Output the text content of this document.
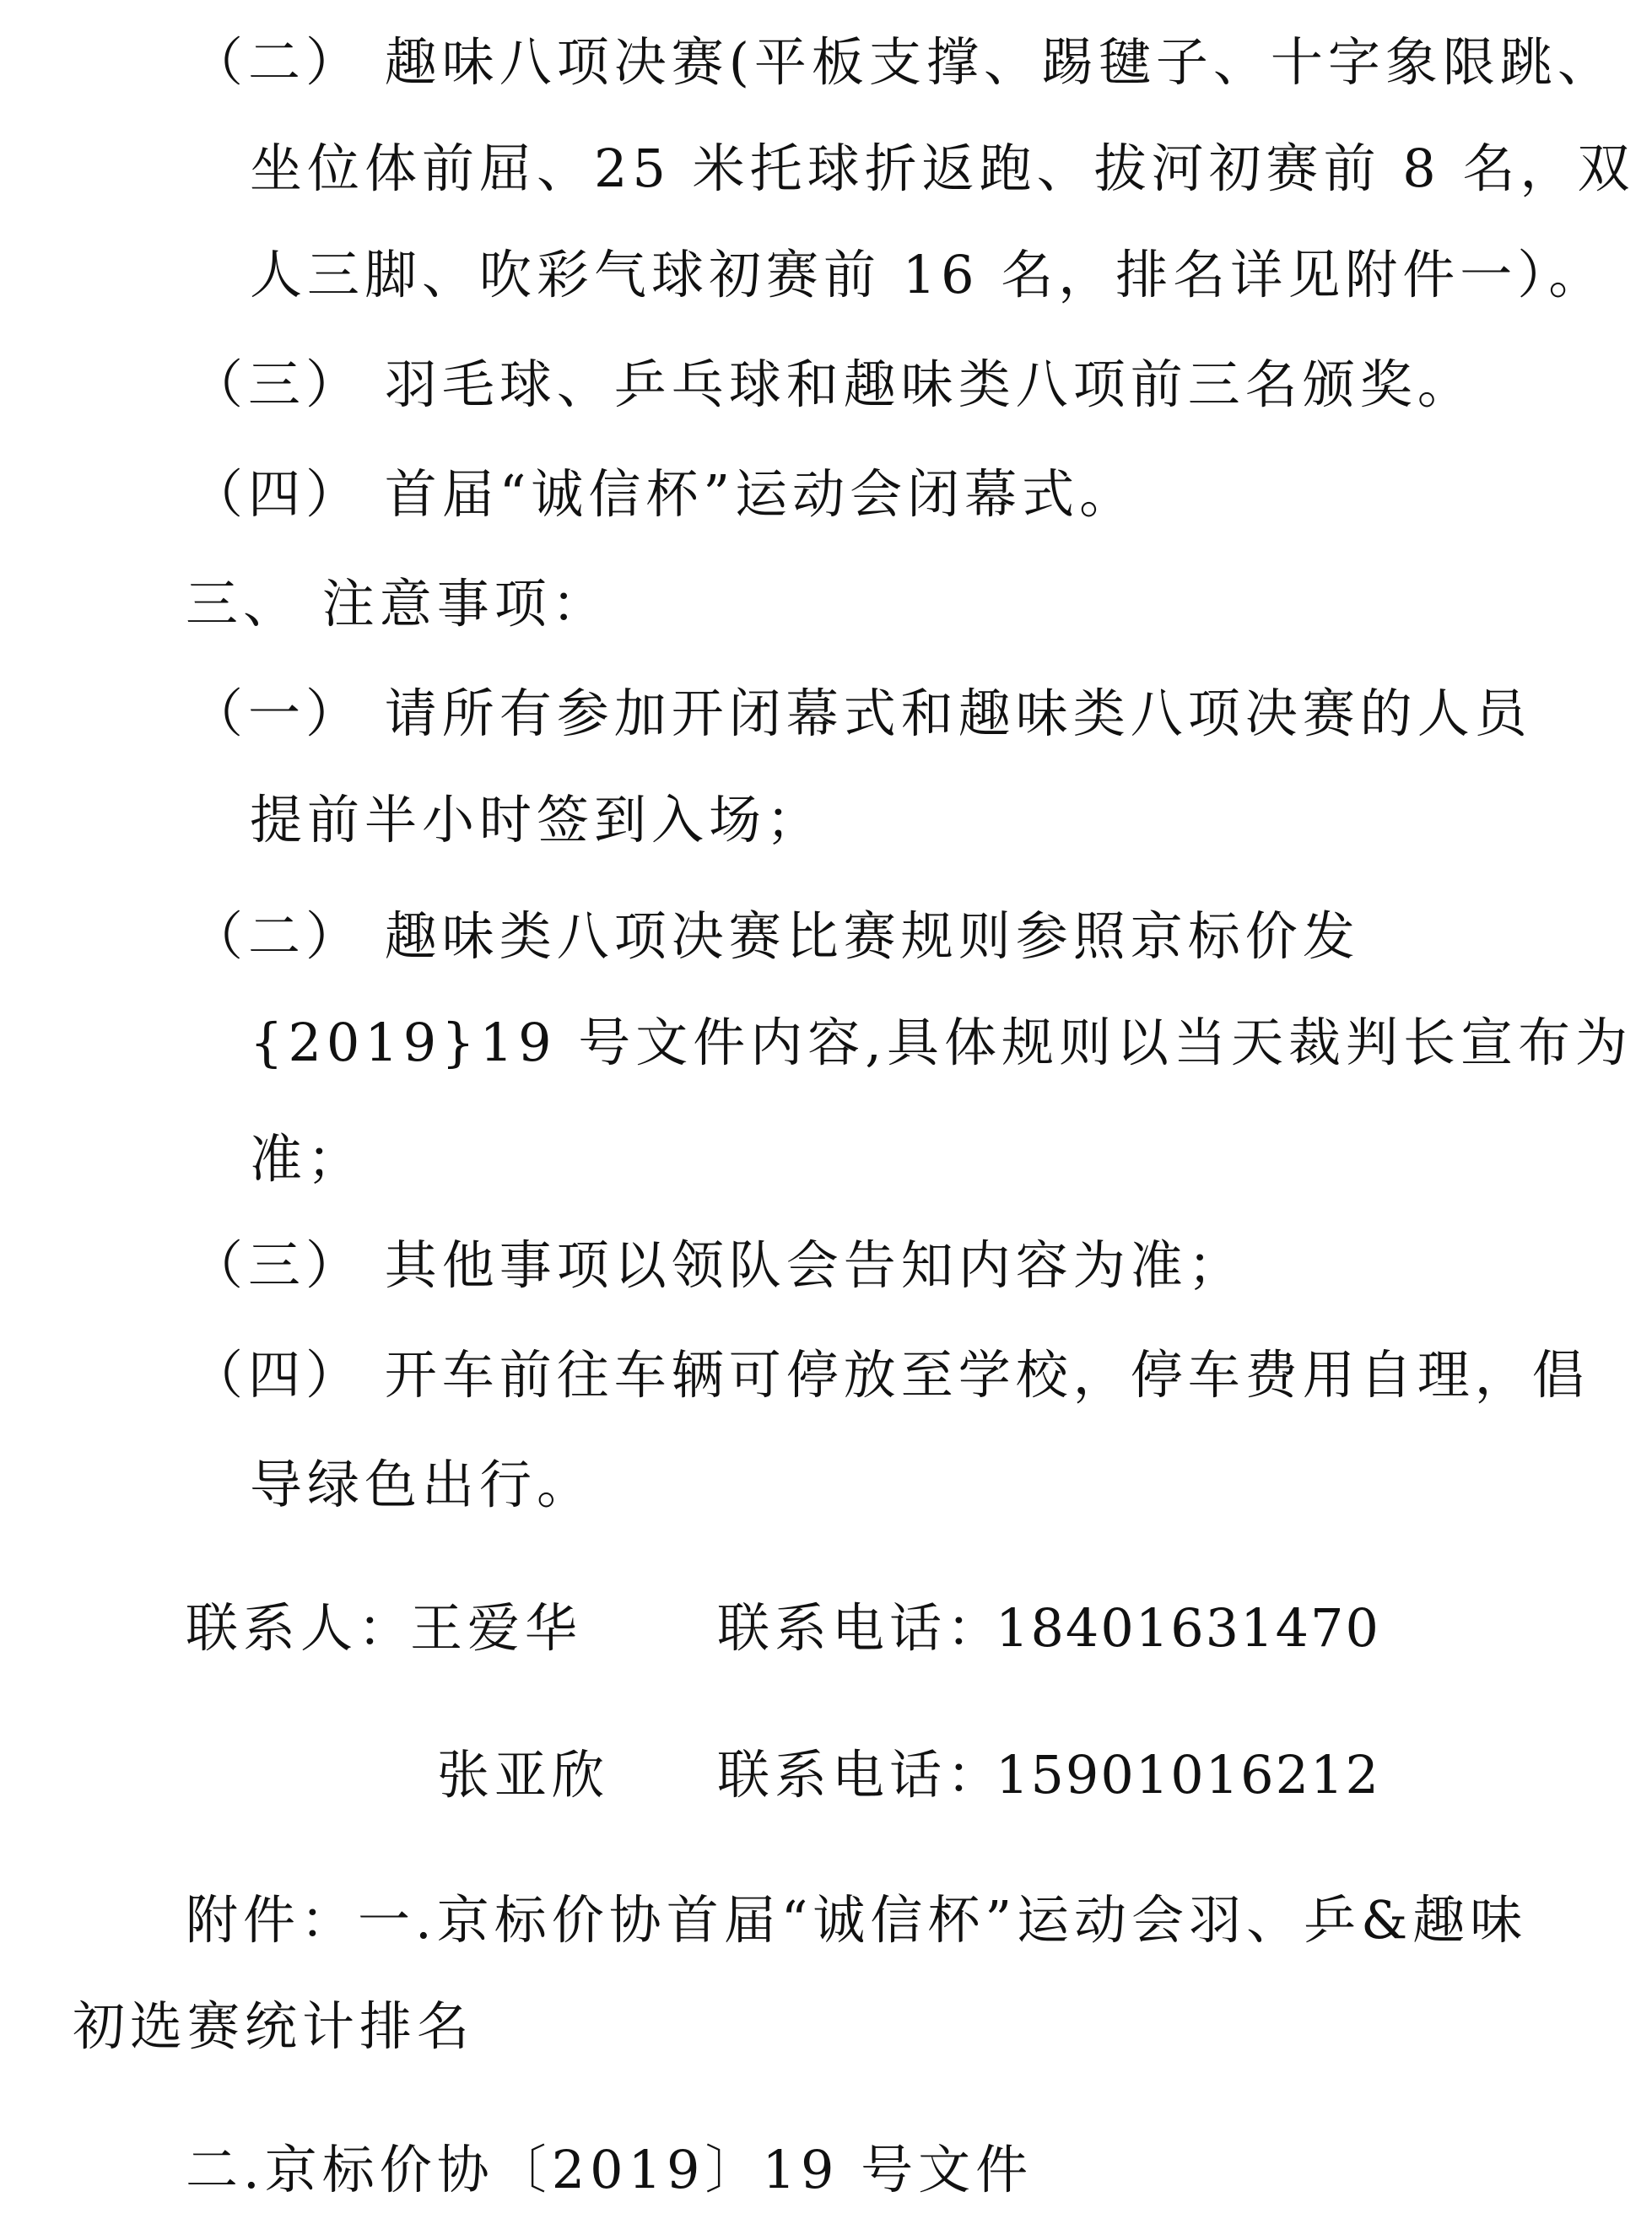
（二） 趣味八项决赛(平板支撑、踢毽子、十字象限跳、
坐位体前屈、25 米托球折返跑、拔河初赛前 8 名，双
人三脚、吹彩气球初赛前 16 名，排名详见附件一）。
（三） 羽毛球、乒乓球和趣味类八项前三名颁奖。
（四） 首届“诚信杯”运动会闭幕式。
三、 注意事项：
（一） 请所有参加开闭幕式和趣味类八项决赛的人员
提前半小时签到入场；
（二） 趣味类八项决赛比赛规则参照京标价发
{2019}19 号文件内容,具体规则以当天裁判长宣布为
准；
（三） 其他事项以领队会告知内容为准；
（四） 开车前往车辆可停放至学校，停车费用自理，倡
导绿色出行。
联系人：
王爱华	联系电话：
18401631470
张亚欣 联系电话：
15901016212
附件：一.京标价协首届“诚信杯”运动会羽、乒&趣味
初选赛统计排名
二.京标价协〔2019〕19 号文件
